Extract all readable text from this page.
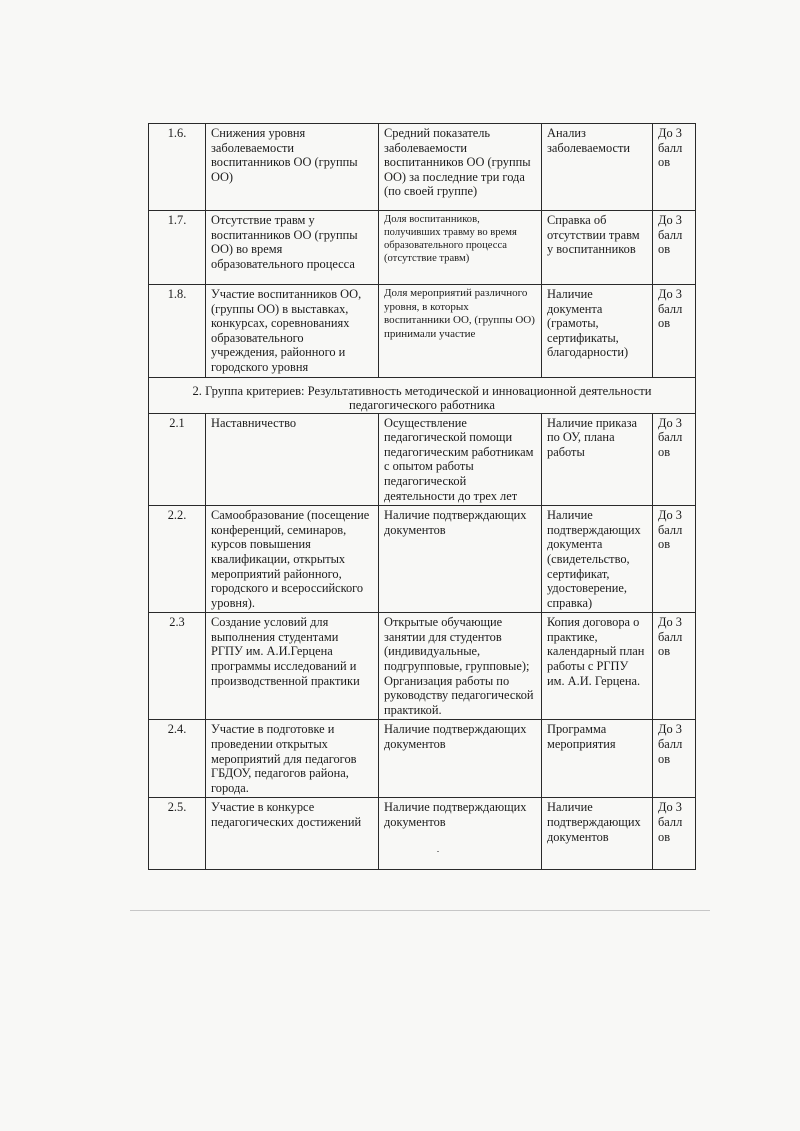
1.6.	Снижения уровня заболеваемости воспитанников ОО (группы ОО)	Средний показатель заболеваемости воспитанников ОО (группы ОО) за последние три года (по своей группе)	Анализ заболеваемости	До 3 баллов

1.7.	Отсутствие травм у воспитанников ОО (группы ОО) во время образовательного процесса	Доля воспитанников, получивших травму во время образовательного процесса (отсутствие травм)	Справка об отсутствии травм у воспитанников	До 3 баллов

1.8.	Участие воспитанников ОО, (группы ОО) в выставках, конкурсах, соревнованиях образовательного учреждения, районного и городского уровня	Доля мероприятий различного уровня, в которых воспитанники ОО, (группы ОО) принимали участие	Наличие документа (грамоты, сертификаты, благодарности)	До 3 баллов

2. Группа критериев: Результативность методической и инновационной деятельности педагогического работника				
2.1	Наставничество	Осуществление педагогической помощи педагогическим работникам с опытом работы педагогической деятельности до трех лет	Наличие приказа по ОУ, плана работы	До 3 баллов

2.2.	Самообразование (посещение конференций, семинаров, курсов повышения квалификации, открытых мероприятий районного, городского и всероссийского уровня).	Наличие подтверждающих документов	Наличие подтверждающих документа (свидетельство, сертификат, удостоверение, справка)	До 3 баллов

2.3	Создание условий для выполнения студентами РГПУ им. А.И.Герцена программы исследований и производственной практики	Открытые обучающие занятии для студентов (индивидуальные, подгрупповые, групповые); Организация работы по руководству педагогической практикой.	Копия договора о практике, календарный план работы с РГПУ им. А.И. Герцена.	До 3 баллов

2.4.	Участие в подготовке и проведении открытых мероприятий для педагогов ГБДОУ, педагогов района, города.	Наличие подтверждающих документов	Программа мероприятия	До 3 баллов

2.5.	Участие в конкурсе педагогических достижений	Наличие подтверждающих документов	Наличие подтверждающих документов	До 3 баллов
